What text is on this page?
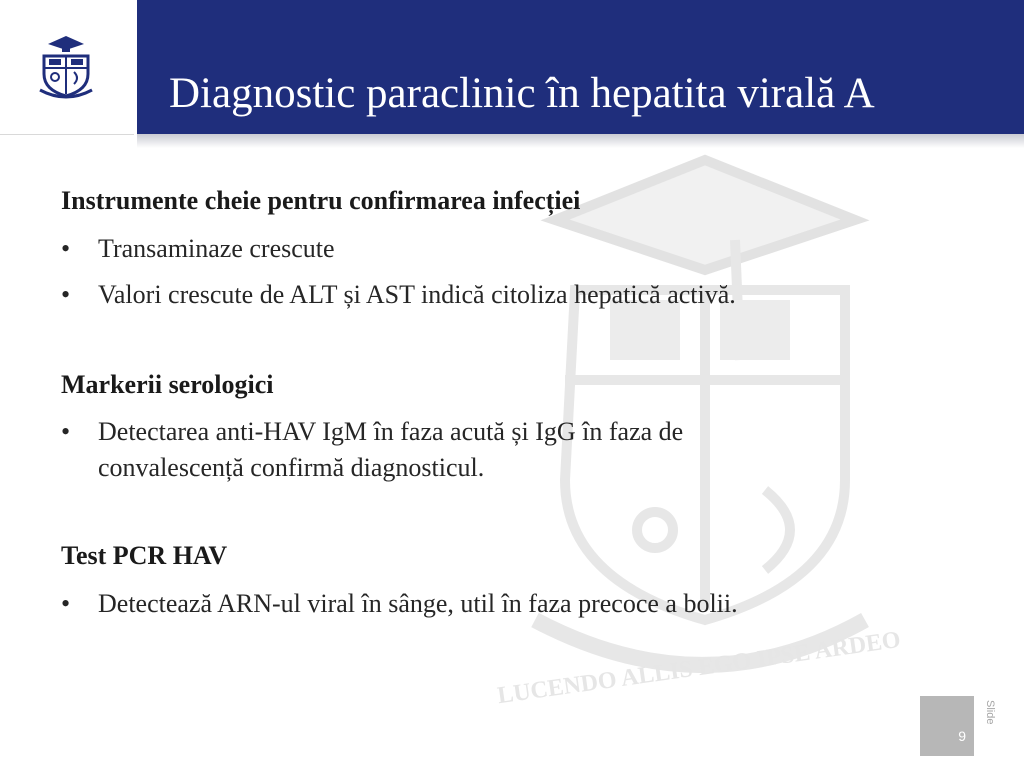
Diagnostic paraclinic în hepatita virală A
LUCENDO ALLIS EGO IPSE ARDEO
Instrumente cheie pentru confirmarea infecției
• Transaminaze crescute
• Valori crescute de ALT și AST indică citoliza hepatică activă.
Markerii serologici
• Detectarea anti-HAV IgM în faza acută și IgG în faza de
convalescență confirmă diagnosticul.
Test PCR HAV
• Detectează ARN-ul viral în sânge, util în faza precoce a bolii.
9
Slide
